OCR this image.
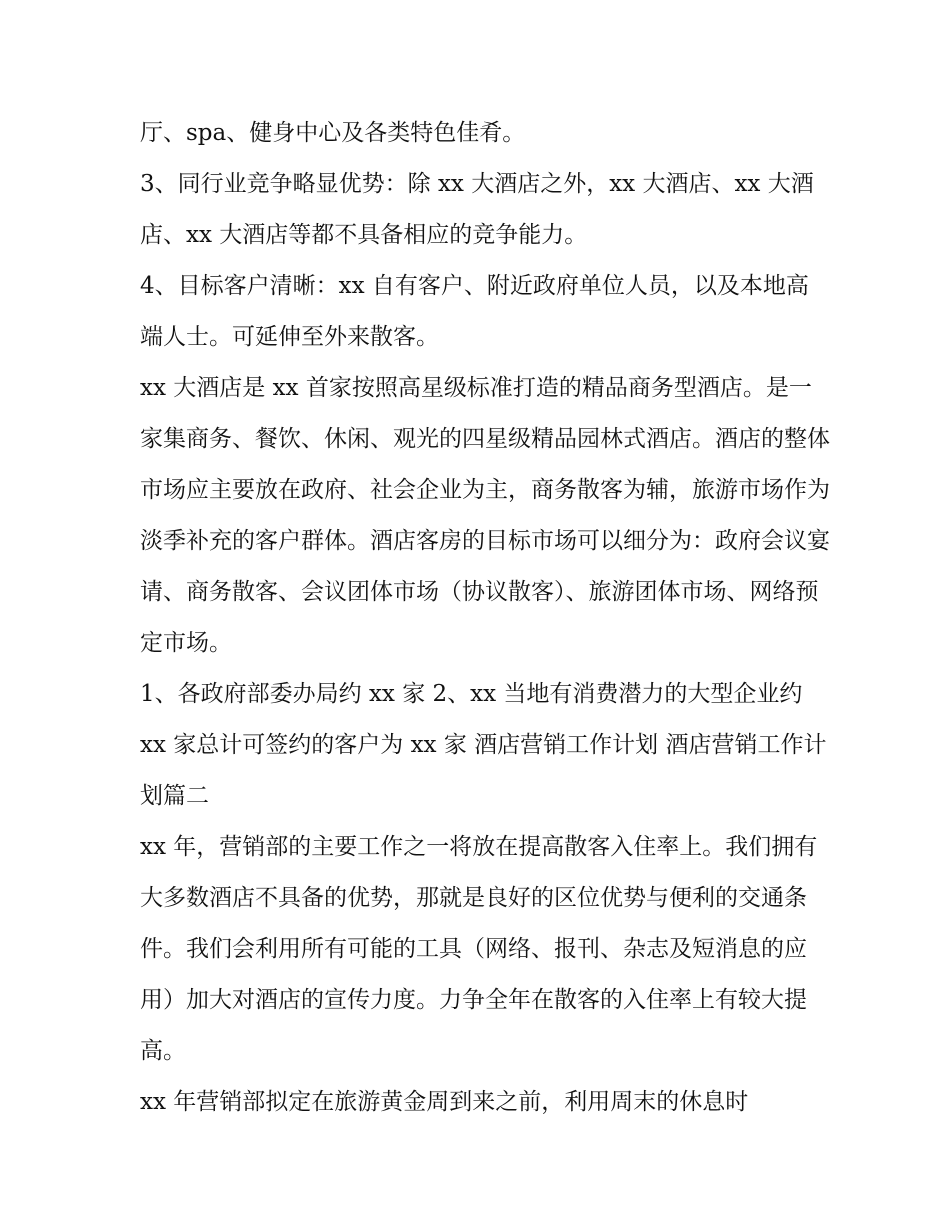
厅、spa、健身中心及各类特色佳肴。

3、同行业竞争略显优势：除 xx 大酒店之外，xx 大酒店、xx 大酒店、xx 大酒店等都不具备相应的竞争能力。

4、目标客户清晰：xx 自有客户、附近政府单位人员，以及本地高端人士。可延伸至外来散客。

xx 大酒店是 xx 首家按照高星级标准打造的精品商务型酒店。是一家集商务、餐饮、休闲、观光的四星级精品园林式酒店。酒店的整体市场应主要放在政府、社会企业为主，商务散客为辅，旅游市场作为淡季补充的客户群体。酒店客房的目标市场可以细分为：政府会议宴请、商务散客、会议团体市场（协议散客）、旅游团体市场、网络预定市场。

1、各政府部委办局约 xx 家 2、xx 当地有消费潜力的大型企业约 xx 家总计可签约的客户为 xx 家 酒店营销工作计划 酒店营销工作计划篇二

xx 年，营销部的主要工作之一将放在提高散客入住率上。我们拥有大多数酒店不具备的优势，那就是良好的区位优势与便利的交通条件。我们会利用所有可能的工具（网络、报刊、杂志及短消息的应用）加大对酒店的宣传力度。力争全年在散客的入住率上有较大提高。

xx 年营销部拟定在旅游黄金周到来之前，利用周末的休息时
